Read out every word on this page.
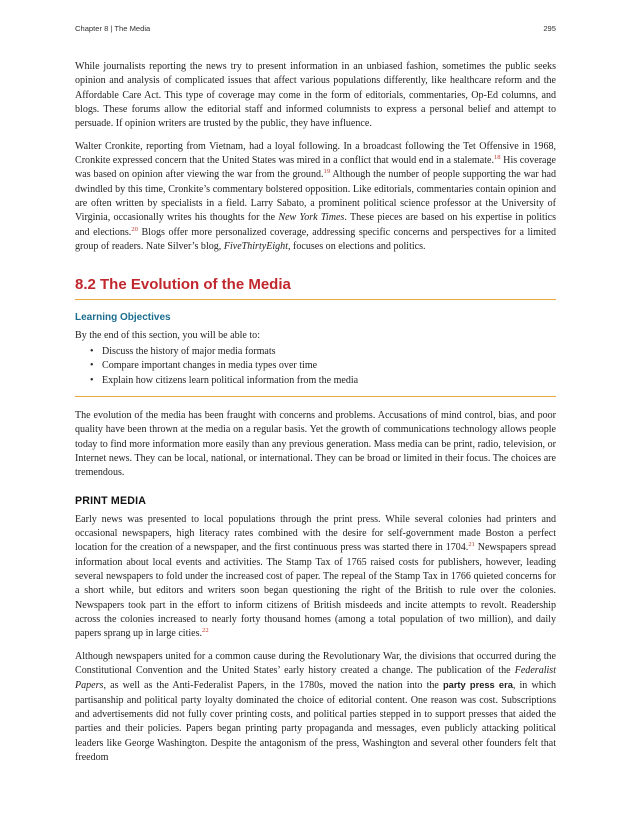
Chapter 8 | The Media	295

While journalists reporting the news try to present information in an unbiased fashion, sometimes the public seeks opinion and analysis of complicated issues that affect various populations differently, like healthcare reform and the Affordable Care Act. This type of coverage may come in the form of editorials, commentaries, Op-Ed columns, and blogs. These forums allow the editorial staff and informed columnists to express a personal belief and attempt to persuade. If opinion writers are trusted by the public, they have influence.

Walter Cronkite, reporting from Vietnam, had a loyal following. In a broadcast following the Tet Offensive in 1968, Cronkite expressed concern that the United States was mired in a conflict that would end in a stalemate.$^{18}$ His coverage was based on opinion after viewing the war from the ground.$^{19}$ Although the number of people supporting the war had dwindled by this time, Cronkite’s commentary bolstered opposition. Like editorials, commentaries contain opinion and are often written by specialists in a field. Larry Sabato, a prominent political science professor at the University of Virginia, occasionally writes his thoughts for the New York Times. These pieces are based on his expertise in politics and elections.$^{20}$ Blogs offer more personalized coverage, addressing specific concerns and perspectives for a limited group of readers. Nate Silver’s blog, FiveThirtyEight, focuses on elections and politics.

8.2 The Evolution of the Media
Learning Objectives

By the end of this section, you will be able to:

• Discuss the history of major media formats
• Compare important changes in media types over time
• Explain how citizens learn political information from the media

The evolution of the media has been fraught with concerns and problems. Accusations of mind control, bias, and poor quality have been thrown at the media on a regular basis. Yet the growth of communications technology allows people today to find more information more easily than any previous generation. Mass media can be print, radio, television, or Internet news. They can be local, national, or international. They can be broad or limited in their focus. The choices are tremendous.

PRINT MEDIA

Early news was presented to local populations through the print press. While several colonies had printers and occasional newspapers, high literacy rates combined with the desire for self-government made Boston a perfect location for the creation of a newspaper, and the first continuous press was started there in 1704.21 Newspapers spread information about local events and activities. The Stamp Tax of 1765 raised costs for publishers, however, leading several newspapers to fold under the increased cost of paper. The repeal of the Stamp Tax in 1766 quieted concerns for a short while, but editors and writers soon began questioning the right of the British to rule over the colonies. Newspapers took part in the effort to inform citizens of British misdeeds and incite attempts to revolt. Readership across the colonies increased to nearly forty thousand homes (among a total population of two million), and daily papers sprang up in large cities.$^{22}$

Although newspapers united for a common cause during the Revolutionary War, the divisions that occurred during the Constitutional Convention and the United States’ early history created a change. The publication of the Federalist Papers, as well as the Anti-Federalist Papers, in the 1780s, moved the nation into the party press era, in which partisanship and political party loyalty dominated the choice of editorial content. One reason was cost. Subscriptions and advertisements did not fully cover printing costs, and political parties stepped in to support presses that aided the parties and their policies. Papers began printing party propaganda and messages, even publicly attacking political leaders like George Washington. Despite the antagonism of the press, Washington and several other founders felt that freedom
